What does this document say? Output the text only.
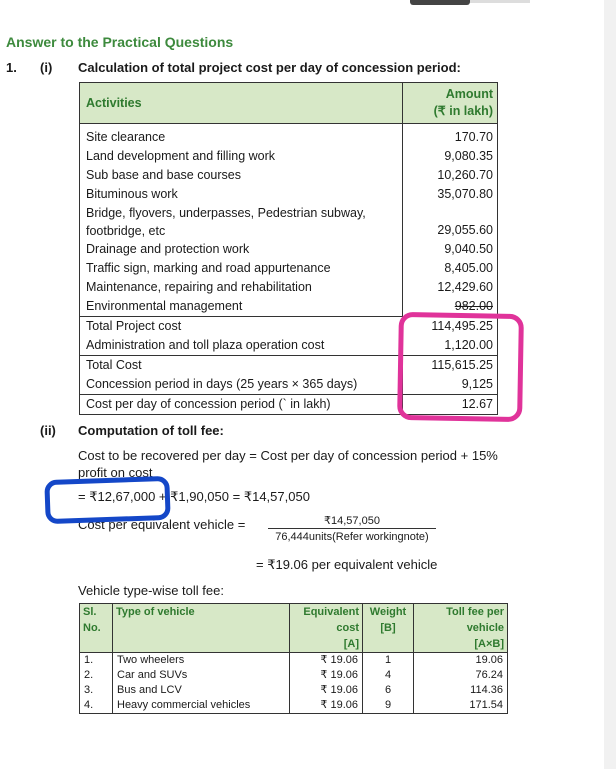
Answer to the Practical Questions
1. (i) Calculation of total project cost per day of concession period:
Activities	Amount
(₹ in lakh)
Site clearance	170.70
Land development and filling work	9,080.35
Sub base and base courses	10,260.70
Bituminous work	35,070.80
Bridge, flyovers, underpasses, Pedestrian subway, footbridge, etc	29,055.60
Drainage and protection work	9,040.50
Traffic sign, marking and road appurtenance	8,405.00
Maintenance, repairing and rehabilitation	12,429.60
Environmental management	982.00
Total Project cost	114,495.25
Administration and toll plaza operation cost	1,120.00
Total Cost	115,615.25
Concession period in days (25 years × 365 days)	9,125
Cost per day of concession period (` in lakh)	12.67
(ii) Computation of toll fee:
Cost to be recovered per day = Cost per day of concession period + 15% profit on cost
= ₹12,67,000 + ₹1,90,050 = ₹14,57,050
Cost per equivalent vehicle =	₹14,57,050
76,444units(Refer workingnote)
= ₹19.06 per equivalent vehicle
Vehicle type-wise toll fee:
Sl.
No.	Type of vehicle	Equivalent
cost
[A]	Weight
[B]	Toll fee per
vehicle
[A×B]
1.	Two wheelers	₹ 19.06	1	19.06
2.	Car and SUVs	₹ 19.06	4	76.24
3.	Bus and LCV	₹ 19.06	6	114.36
4.	Heavy commercial vehicles	₹ 19.06	9	171.54
